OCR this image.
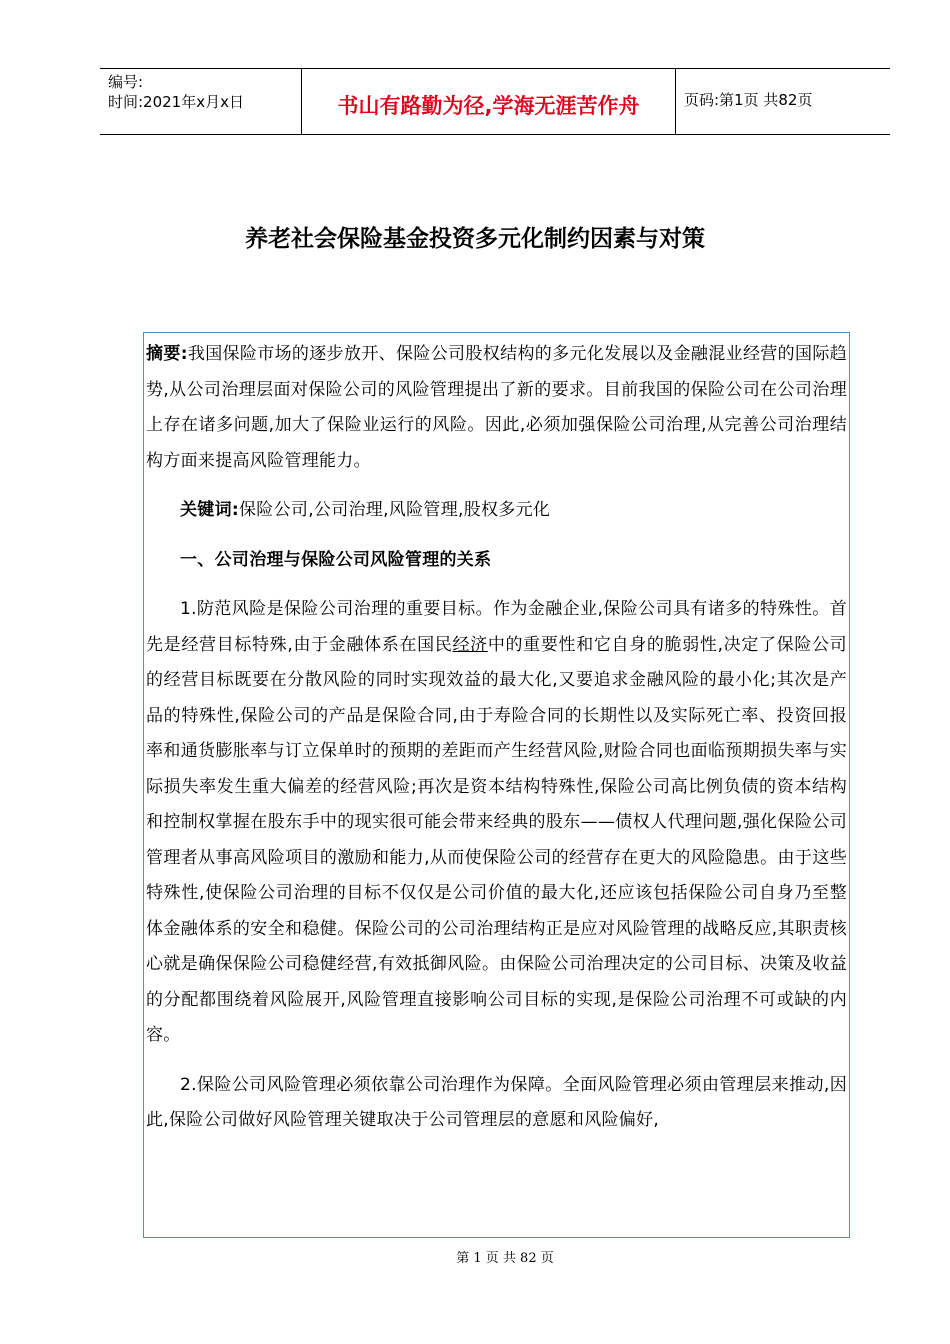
编号:
时间:2021年x月x日	书山有路勤为径,学海无涯苦作舟	页码:第1页 共82页
养老社会保险基金投资多元化制约因素与对策

摘要:我国保险市场的逐步放开、保险公司股权结构的多元化发展以及金融混业经营的国际趋势,从公司治理层面对保险公司的风险管理提出了新的要求。目前我国的保险公司在公司治理上存在诸多问题,加大了保险业运行的风险。因此,必须加强保险公司治理,从完善公司治理结构方面来提高风险管理能力。

关键词:保险公司,公司治理,风险管理,股权多元化

一、公司治理与保险公司风险管理的关系

1.防范风险是保险公司治理的重要目标。作为金融企业,保险公司具有诸多的特殊性。首先是经营目标特殊,由于金融体系在国民经济中的重要性和它自身的脆弱性,决定了保险公司的经营目标既要在分散风险的同时实现效益的最大化,又要追求金融风险的最小化;其次是产品的特殊性,保险公司的产品是保险合同,由于寿险合同的长期性以及实际死亡率、投资回报率和通货膨胀率与订立保单时的预期的差距而产生经营风险,财险合同也面临预期损失率与实际损失率发生重大偏差的经营风险;再次是资本结构特殊性,保险公司高比例负债的资本结构和控制权掌握在股东手中的现实很可能会带来经典的股东——债权人代理问题,强化保险公司管理者从事高风险项目的激励和能力,从而使保险公司的经营存在更大的风险隐患。由于这些特殊性,使保险公司治理的目标不仅仅是公司价值的最大化,还应该包括保险公司自身乃至整体金融体系的安全和稳健。保险公司的公司治理结构正是应对风险管理的战略反应,其职责核心就是确保保险公司稳健经营,有效抵御风险。由保险公司治理决定的公司目标、决策及收益的分配都围绕着风险展开,风险管理直接影响公司目标的实现,是保险公司治理不可或缺的内容。

2.保险公司风险管理必须依靠公司治理作为保障。全面风险管理必须由管理层来推动,因此,保险公司做好风险管理关键取决于公司管理层的意愿和风险偏好,

第 1 页 共 82 页
